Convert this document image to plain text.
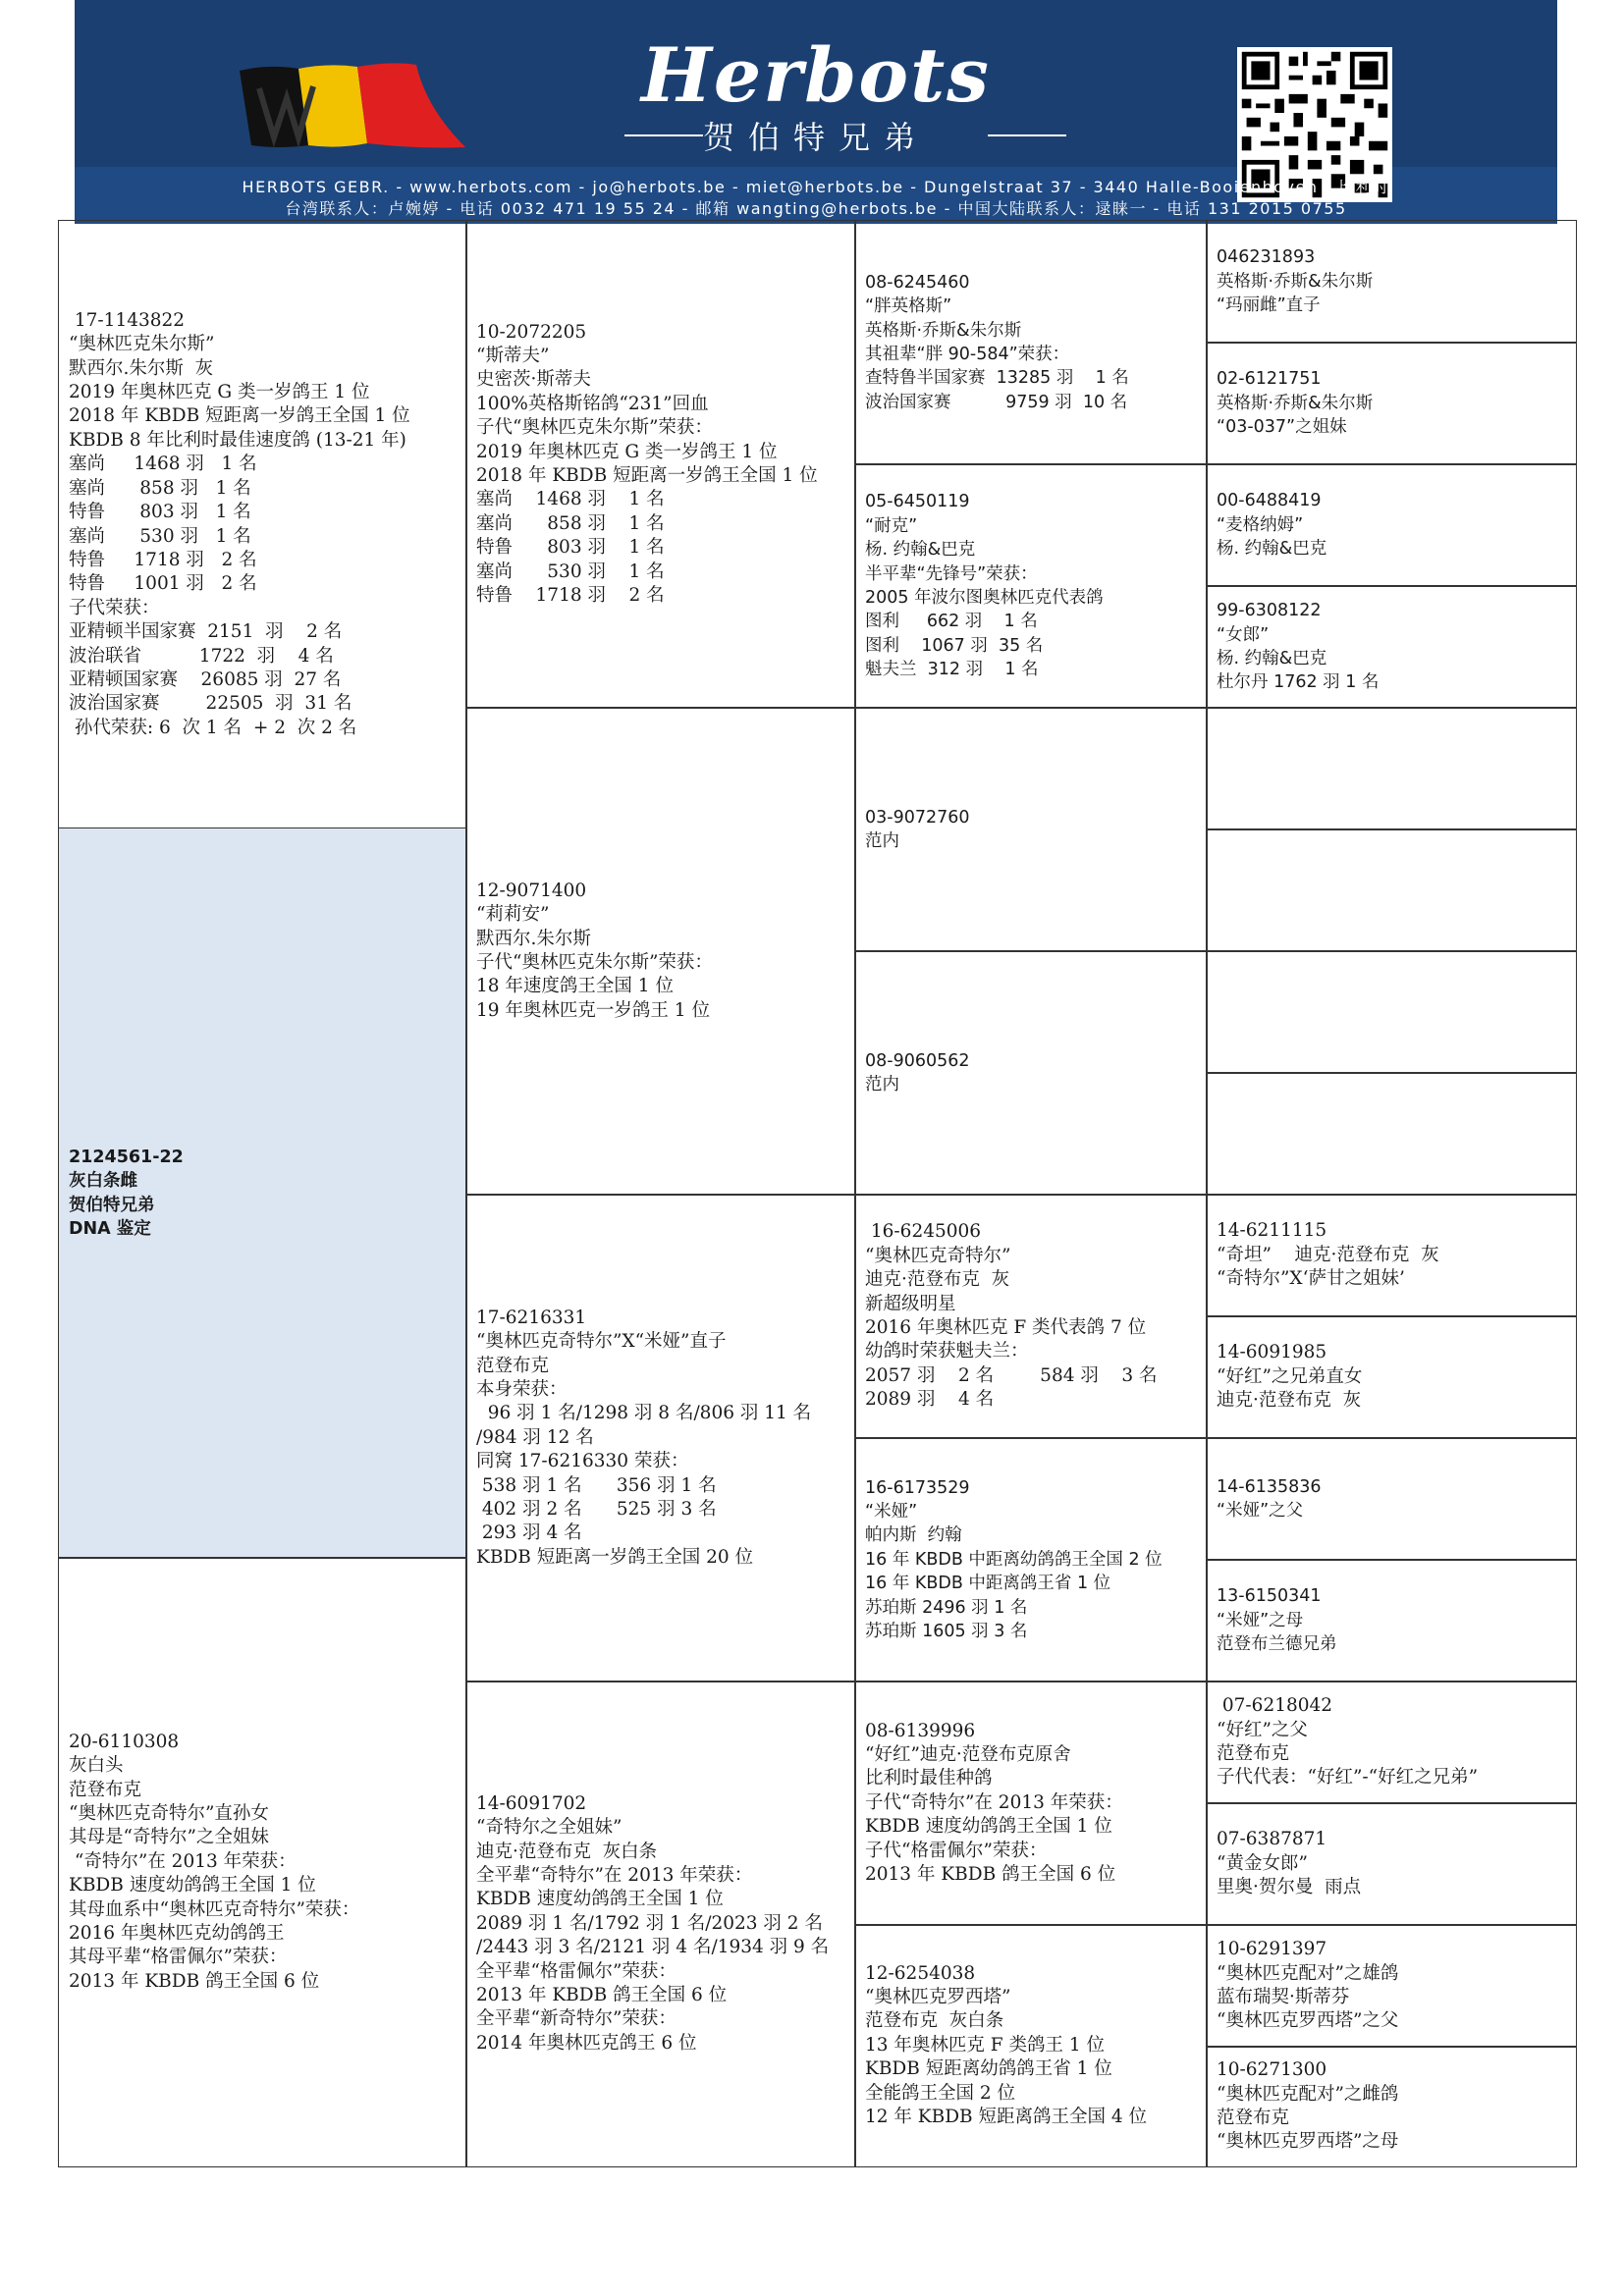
Herbots
贺伯特兄弟
HERBOTS GEBR. - www.herbots.com - jo@herbots.be - miet@herbots.be - Dungelstraat 37 - 3440 Halle-Booienhoven - 比利时
台湾联系人：卢婉婷 - 电话 0032 471 19 55 24 - 邮箱 wangting@herbots.be - 中国大陆联系人：逯睐一 - 电话 131 2015 0755
17-1143822
“奥林匹克朱尔斯”
默西尔.朱尔斯  灰
2019 年奥林匹克 G 类一岁鸽王 1 位
2018 年 KBDB 短距离一岁鸽王全国 1 位
KBDB 8 年比利时最佳速度鸽 (13-21 年)
塞尚     1468 羽   1 名
塞尚      858 羽   1 名
特鲁      803 羽   1 名
塞尚      530 羽   1 名
特鲁     1718 羽   2 名
特鲁     1001 羽   2 名
子代荣获：
亚精顿半国家赛  2151  羽    2 名
波治联省          1722  羽    4 名
亚精顿国家赛    26085 羽  27 名
波治国家赛        22505  羽  31 名
孙代荣获: 6  次 1 名  + 2  次 2 名
2124561-22
灰白条雌
贺伯特兄弟
DNA 鉴定
20-6110308
灰白头
范登布克
“奥林匹克奇特尔”直孙女
其母是“奇特尔”之全姐妹
“奇特尔”在 2013 年荣获：
KBDB 速度幼鸽鸽王全国 1 位
其母血系中“奥林匹克奇特尔”荣获：
2016 年奥林匹克幼鸽鸽王
其母平辈“格雷佩尔”荣获：
2013 年 KBDB 鸽王全国 6 位
10-2072205
“斯蒂夫”
史密茨·斯蒂夫
100%英格斯铭鸽“231”回血
子代“奥林匹克朱尔斯”荣获：
2019 年奥林匹克 G 类一岁鸽王 1 位
2018 年 KBDB 短距离一岁鸽王全国 1 位
塞尚    1468 羽    1 名
塞尚      858 羽    1 名
特鲁      803 羽    1 名
塞尚      530 羽    1 名
特鲁    1718 羽    2 名
12-9071400
“莉莉安”
默西尔.朱尔斯
子代“奥林匹克朱尔斯”荣获：
18 年速度鸽王全国 1 位
19 年奥林匹克一岁鸽王 1 位
17-6216331
“奥林匹克奇特尔”X“米娅”直子
范登布克
本身荣获：
96 羽 1 名/1298 羽 8 名/806 羽 11 名
/984 羽 12 名
同窝 17-6216330 荣获：
538 羽 1 名      356 羽 1 名
402 羽 2 名      525 羽 3 名
293 羽 4 名
KBDB 短距离一岁鸽王全国 20 位
14-6091702
“奇特尔之全姐妹”
迪克·范登布克  灰白条
全平辈“奇特尔”在 2013 年荣获：
KBDB 速度幼鸽鸽王全国 1 位
2089 羽 1 名/1792 羽 1 名/2023 羽 2 名
/2443 羽 3 名/2121 羽 4 名/1934 羽 9 名
全平辈“格雷佩尔”荣获：
2013 年 KBDB 鸽王全国 6 位
全平辈“新奇特尔”荣获：
2014 年奥林匹克鸽王 6 位
08-6245460
“胖英格斯”
英格斯·乔斯&朱尔斯
其祖辈“胖 90-584”荣获：
查特鲁半国家赛  13285 羽    1 名
波治国家赛          9759 羽  10 名
05-6450119
“耐克”
杨. 约翰&巴克
半平辈“先锋号”荣获：
2005 年波尔图奥林匹克代表鸽
图利     662 羽    1 名
图利    1067 羽  35 名
魁夫兰  312 羽    1 名
03-9072760
范内
08-9060562
范内
16-6245006
“奥林匹克奇特尔”
迪克·范登布克  灰
新超级明星
2016 年奥林匹克 F 类代表鸽 7 位
幼鸽时荣获魁夫兰：
2057 羽    2 名        584 羽    3 名
2089 羽    4 名
16-6173529
“米娅”
帕内斯  约翰
16 年 KBDB 中距离幼鸽鸽王全国 2 位
16 年 KBDB 中距离鸽王省 1 位
苏珀斯 2496 羽 1 名
苏珀斯 1605 羽 3 名
08-6139996
“好红”迪克·范登布克原舍
比利时最佳种鸽
子代“奇特尔”在 2013 年荣获：
KBDB 速度幼鸽鸽王全国 1 位
子代“格雷佩尔”荣获：
2013 年 KBDB 鸽王全国 6 位
12-6254038
“奥林匹克罗西塔”
范登布克  灰白条
13 年奥林匹克 F 类鸽王 1 位
KBDB 短距离幼鸽鸽王省 1 位
全能鸽王全国 2 位
12 年 KBDB 短距离鸽王全国 4 位
046231893
英格斯·乔斯&朱尔斯
“玛丽雌”直子
02-6121751
英格斯·乔斯&朱尔斯
“03-037”之姐妹
00-6488419
“麦格纳姆”
杨. 约翰&巴克
99-6308122
“女郎”
杨. 约翰&巴克
杜尔丹 1762 羽 1 名
14-6211115
“奇坦”    迪克·范登布克  灰
“奇特尔”X‘萨甘之姐妹’
14-6091985
“好红”之兄弟直女
迪克·范登布克  灰
14-6135836
“米娅”之父
13-6150341
“米娅”之母
范登布兰德兄弟
07-6218042
“好红”之父
范登布克
子代代表：“好红”-“好红之兄弟”
07-6387871
“黄金女郎”
里奥·贺尔曼  雨点
10-6291397
“奥林匹克配对”之雄鸽
蓝布瑞契·斯蒂芬
“奥林匹克罗西塔”之父
10-6271300
“奥林匹克配对”之雌鸽
范登布克
“奥林匹克罗西塔”之母
